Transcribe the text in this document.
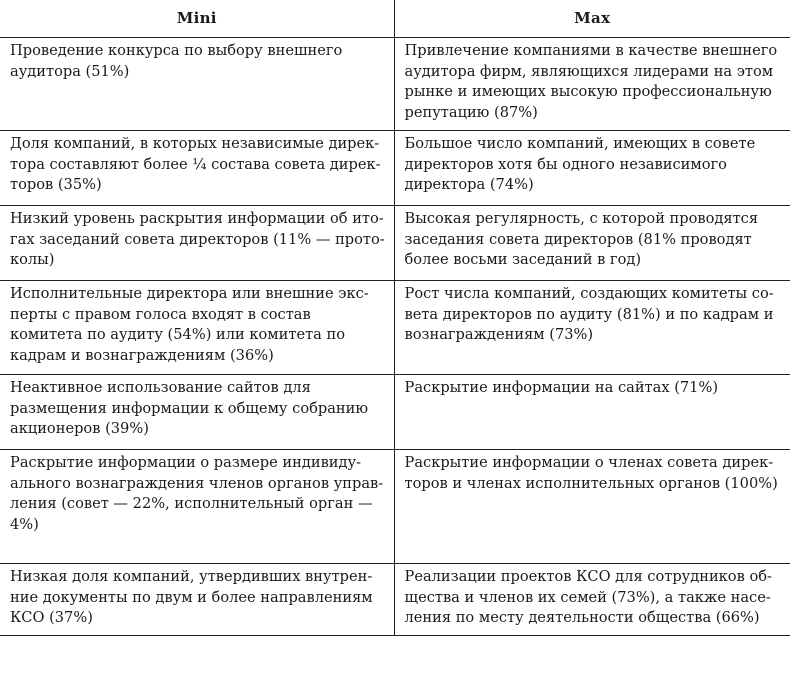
Mini	Max
Проведение конкурса по выбору внешнего аудитора (51%)	Привлечение компаниями в качестве внешнего аудитора фирм, являющихся лидерами на этом рынке и имеющих высокую профессиональную репутацию (87%)
Доля компаний, в которых независимые директора составляют более ¼ состава совета директоров (35%)	Большое число компаний, имеющих в совете директоров хотя бы одного независимого директора (74%)
Низкий уровень раскрытия информации об итогах заседаний совета директоров (11% — протоколы)	Высокая регулярность, с которой проводятся заседания совета директоров (81% проводят более восьми заседаний в год)
Исполнительные директора или внешние эксперты с правом голоса входят в состав комитета по аудиту (54%) или комитета по кадрам и вознаграждениям (36%)	Рост числа компаний, создающих комитеты совета директоров по аудиту (81%) и по кадрам и вознаграждениям (73%)
Неактивное использование сайтов для размещения информации к общему собранию акционеров (39%)	Раскрытие информации на сайтах (71%)
Раскрытие информации о размере индивидуального вознаграждения членов органов управления (совет — 22%, исполнительный орган — 4%)	Раскрытие информации о членах совета директоров и членах исполнительных органов (100%)
Низкая доля компаний, утвердивших внутренние документы по двум и более направлениям КСО (37%)	Реализации проектов КСО для сотрудников общества и членов их семей (73%), а также населения по месту деятельности общества (66%)
